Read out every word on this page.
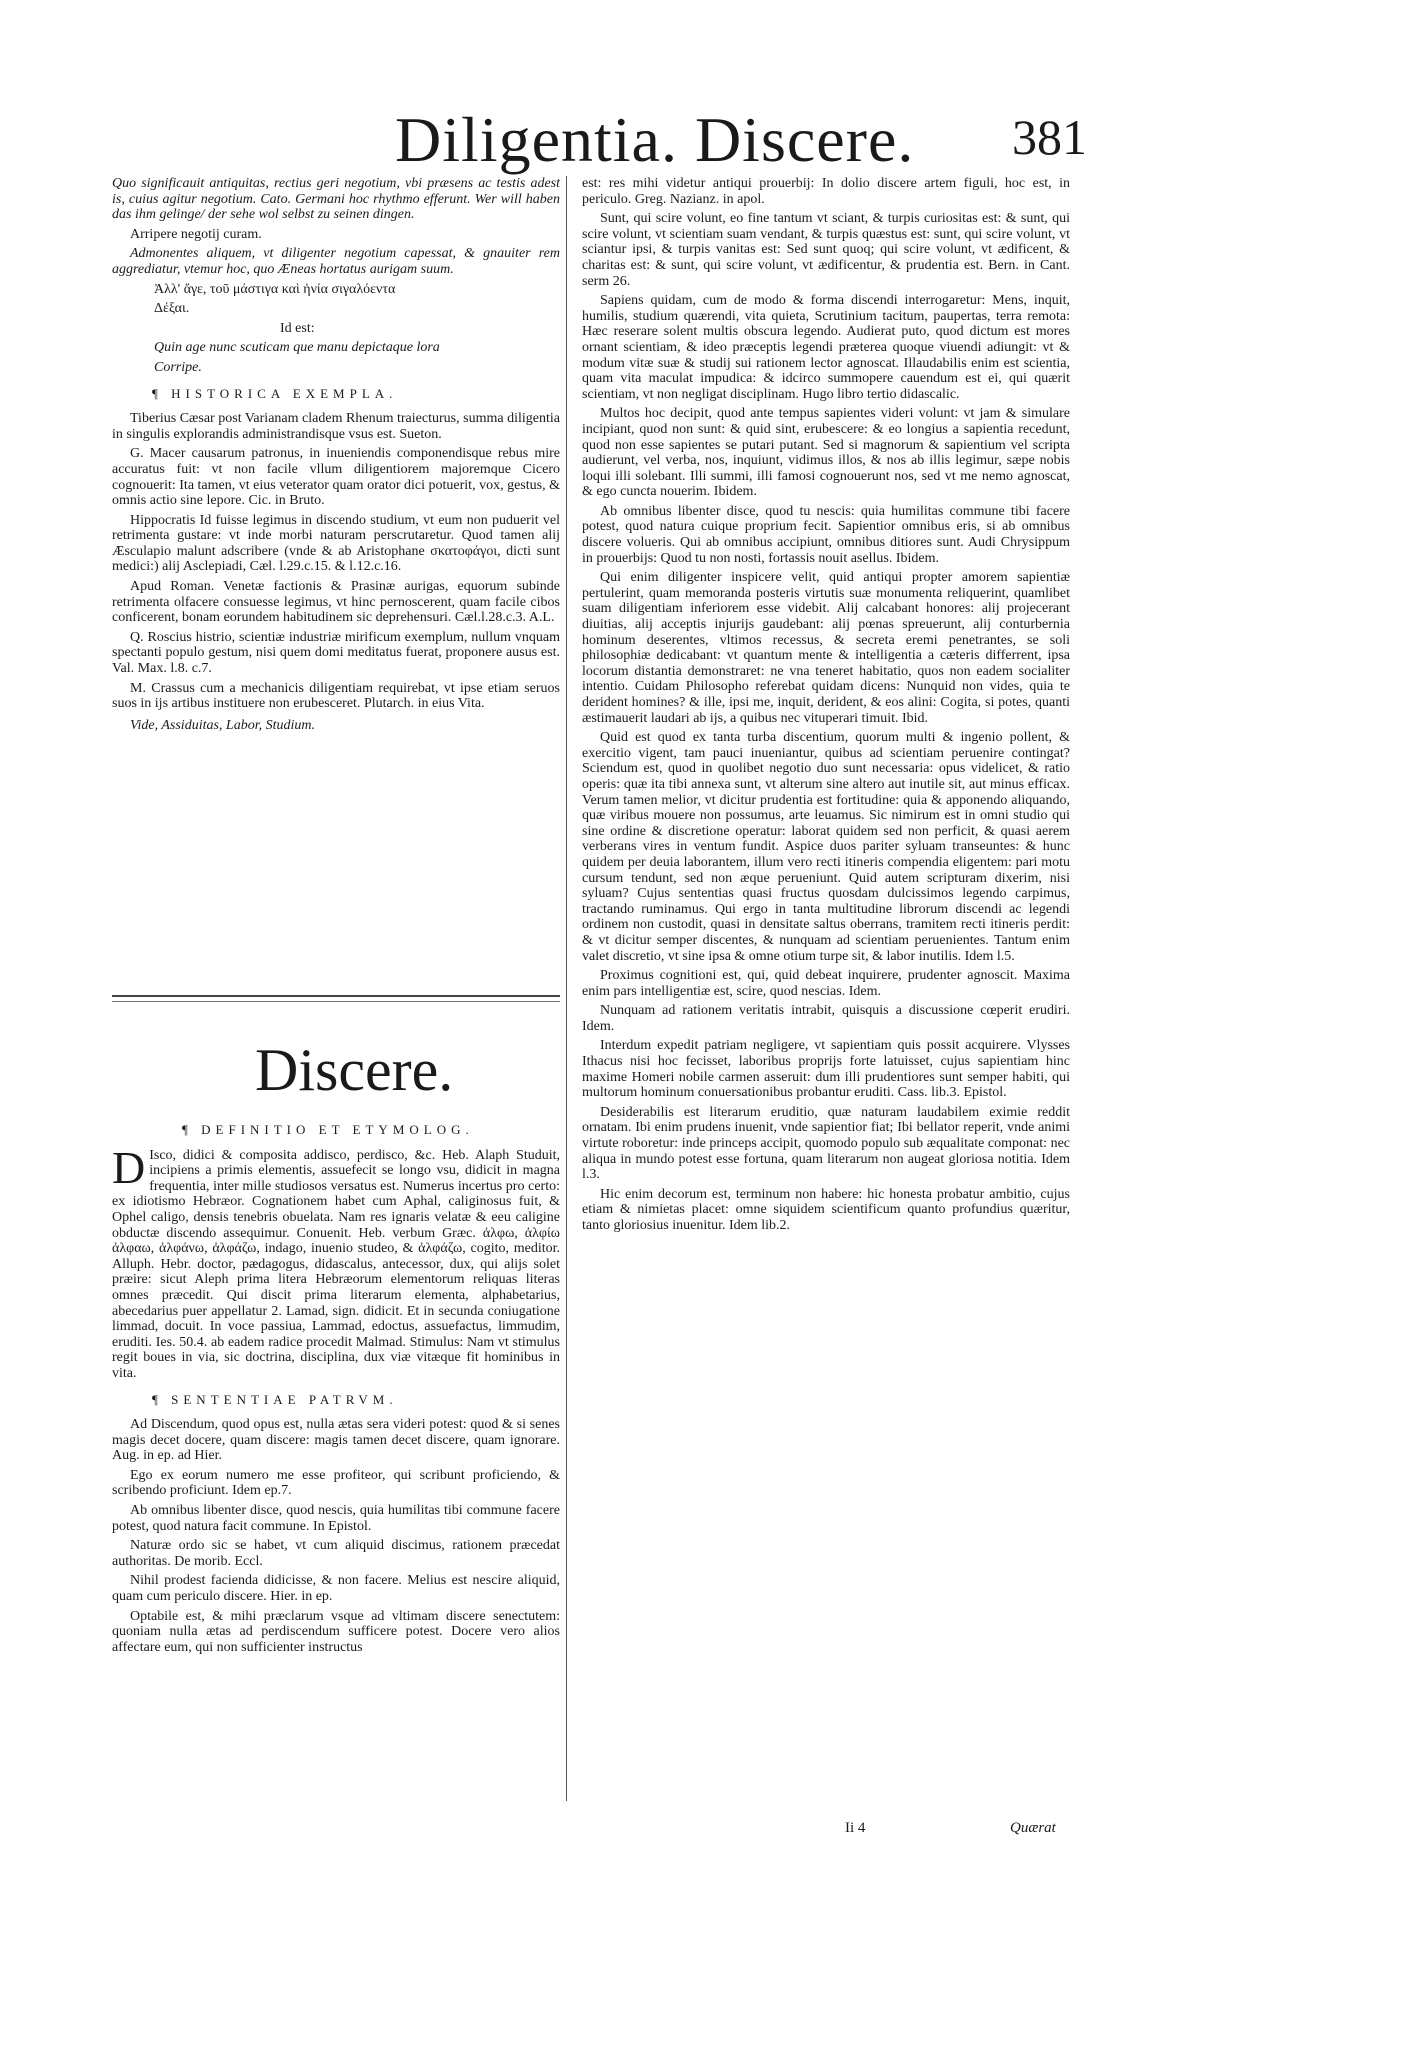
Diligentia. Discere. 381

Quo significauit antiquitas, rectius geri negotium, vbi præsens ac testis adest is, cuius agitur negotium. Cato. Germani hoc rhythmo efferunt. Wer will haben das ihm gelinge/ der sehe wol selbst zu seinen dingen.

Arripere negotij curam.

Admonentes aliquem, vt diligenter negotium capessat, & gnauiter rem aggrediatur, vtemur hoc, quo Æneas hortatus aurigam suum.

Ἀλλ' ἄγε, τοῦ μάστιγα καὶ ἡνία σιγαλόεντα

Δέξαι.

Id est:

Quin age nunc scuticam que manu depictaque lora

Corripe.

¶ HISTORICA EXEMPLA.

Tiberius Cæsar post Varianam cladem Rhenum traiecturus, summa diligentia in singulis explorandis administrandisque vsus est. Sueton.

G. Macer causarum patronus, in inueniendis componendisque rebus mire accuratus fuit: vt non facile vllum diligentiorem majoremque Cicero cognouerit: Ita tamen, vt eius veterator quam orator dici potuerit, vox, gestus, & omnis actio sine lepore. Cic. in Bruto.

Hippocratis Id fuisse legimus in discendo studium, vt eum non puduerit vel retrimenta gustare: vt inde morbi naturam perscrutaretur. Quod tamen alij Æsculapio malunt adscribere (vnde & ab Aristophane σκατοφάγοι, dicti sunt medici:) alij Asclepiadi, Cæl. l.29.c.15. & l.12.c.16.

Apud Roman. Venetæ factionis & Prasinæ aurigas, equorum subinde retrimenta olfacere consuesse legimus, vt hinc pernoscerent, quam facile cibos conficerent, bonam eorundem habitudinem sic deprehensuri. Cæl.l.28.c.3. A.L.

Q. Roscius histrio, scientiæ industriæ mirificum exemplum, nullum vnquam spectanti populo gestum, nisi quem domi meditatus fuerat, proponere ausus est. Val. Max. l.8. c.7.

M. Crassus cum a mechanicis diligentiam requirebat, vt ipse etiam seruos suos in ijs artibus instituere non erubesceret. Plutarch. in eius Vita.

Vide, Assiduitas, Labor, Studium.

Discere.
¶ DEFINITIO ET ETYMOLOG.

D Isco, didici & composita addisco, perdisco, &c. Heb. Alaph Studuit, incipiens a primis elementis, assuefecit se longo vsu, didicit in magna frequentia, inter mille studiosos versatus est. Numerus incertus pro certo: ex idiotismo Hebræor. Cognationem habet cum Aphal, caliginosus fuit, & Ophel caligo, densis tenebris obuelata. Nam res ignaris velatæ & eeu caligine obductæ discendo assequimur. Conuenit. Heb. verbum Græc. ἀλφω, ἀλφίω ἀλφαω, ἀλφάνω, ἀλφάζω, indago, inuenio studeo, & ἀλφάζω, cogito, meditor. Alluph. Hebr. doctor, pædagogus, didascalus, antecessor, dux, qui alijs solet præire: sicut Aleph prima litera Hebræorum elementorum reliquas literas omnes præcedit. Qui discit prima literarum elementa, alphabetarius, abecedarius puer appellatur 2. Lamad, sign. didicit. Et in secunda coniugatione limmad, docuit. In voce passiua, Lammad, edoctus, assuefactus, limmudim, eruditi. Ies. 50.4. ab eadem radice procedit Malmad. Stimulus: Nam vt stimulus regit boues in via, sic doctrina, disciplina, dux viæ vitæque fit hominibus in vita.

¶ SENTENTIAE PATRVM.

Ad Discendum, quod opus est, nulla ætas sera videri potest: quod & si senes magis decet docere, quam discere: magis tamen decet discere, quam ignorare. Aug. in ep. ad Hier.

Ego ex eorum numero me esse profiteor, qui scribunt proficiendo, & scribendo proficiunt. Idem ep.7.

Ab omnibus libenter disce, quod nescis, quia humilitas tibi commune facere potest, quod natura facit commune. In Epistol.

Naturæ ordo sic se habet, vt cum aliquid discimus, rationem præcedat authoritas. De morib. Eccl.

Nihil prodest facienda didicisse, & non facere. Melius est nescire aliquid, quam cum periculo discere. Hier. in ep.

Optabile est, & mihi præclarum vsque ad vltimam discere senectutem: quoniam nulla ætas ad perdiscendum sufficere potest. Docere vero alios affectare eum, qui non sufficienter instructus

est: res mihi videtur antiqui prouerbij: In dolio discere artem figuli, hoc est, in periculo. Greg. Nazianz. in apol.

Sunt, qui scire volunt, eo fine tantum vt sciant, & turpis curiositas est: & sunt, qui scire volunt, vt scientiam suam vendant, & turpis quæstus est: sunt, qui scire volunt, vt sciantur ipsi, & turpis vanitas est: Sed sunt quoq; qui scire volunt, vt ædificent, & charitas est: & sunt, qui scire volunt, vt ædificentur, & prudentia est. Bern. in Cant. serm 26.

Sapiens quidam, cum de modo & forma discendi interrogaretur: Mens, inquit, humilis, studium quærendi, vita quieta, Scrutinium tacitum, paupertas, terra remota: Hæc reserare solent multis obscura legendo. Audierat puto, quod dictum est mores ornant scientiam, & ideo præceptis legendi præterea quoque viuendi adiungit: vt & modum vitæ suæ & studij sui rationem lector agnoscat. Illaudabilis enim est scientia, quam vita maculat impudica: & idcirco summopere cauendum est ei, qui quærit scientiam, vt non negligat disciplinam. Hugo libro tertio didascalic.

Multos hoc decipit, quod ante tempus sapientes videri volunt: vt jam & simulare incipiant, quod non sunt: & quid sint, erubescere: & eo longius a sapientia recedunt, quod non esse sapientes se putari putant. Sed si magnorum & sapientium vel scripta audierunt, vel verba, nos, inquiunt, vidimus illos, & nos ab illis legimur, sæpe nobis loqui illi solebant. Illi summi, illi famosi cognouerunt nos, sed vt me nemo agnoscat, & ego cuncta nouerim. Ibidem.

Ab omnibus libenter disce, quod tu nescis: quia humilitas commune tibi facere potest, quod natura cuique proprium fecit. Sapientior omnibus eris, si ab omnibus discere volueris. Qui ab omnibus accipiunt, omnibus ditiores sunt. Audi Chrysippum in prouerbijs: Quod tu non nosti, fortassis nouit asellus. Ibidem.

Qui enim diligenter inspicere velit, quid antiqui propter amorem sapientiæ pertulerint, quam memoranda posteris virtutis suæ monumenta reliquerint, quamlibet suam diligentiam inferiorem esse videbit. Alij calcabant honores: alij projecerant diuitias, alij acceptis injurijs gaudebant: alij pœnas spreuerunt, alij conturbernia hominum deserentes, vltimos recessus, & secreta eremi penetrantes, se soli philosophiæ dedicabant: vt quantum mente & intelligentia a cæteris differrent, ipsa locorum distantia demonstraret: ne vna teneret habitatio, quos non eadem socialiter intentio. Cuidam Philosopho referebat quidam dicens: Nunquid non vides, quia te derident homines? & ille, ipsi me, inquit, derident, & eos alini: Cogita, si potes, quanti æstimauerit laudari ab ijs, a quibus nec vituperari timuit. Ibid.

Quid est quod ex tanta turba discentium, quorum multi & ingenio pollent, & exercitio vigent, tam pauci inueniantur, quibus ad scientiam peruenire contingat? Sciendum est, quod in quolibet negotio duo sunt necessaria: opus videlicet, & ratio operis: quæ ita tibi annexa sunt, vt alterum sine altero aut inutile sit, aut minus efficax. Verum tamen melior, vt dicitur prudentia est fortitudine: quia & apponendo aliquando, quæ viribus mouere non possumus, arte leuamus. Sic nimirum est in omni studio qui sine ordine & discretione operatur: laborat quidem sed non perficit, & quasi aerem verberans vires in ventum fundit. Aspice duos pariter syluam transeuntes: & hunc quidem per deuia laborantem, illum vero recti itineris compendia eligentem: pari motu cursum tendunt, sed non æque perueniunt. Quid autem scripturam dixerim, nisi syluam? Cujus sententias quasi fructus quosdam dulcissimos legendo carpimus, tractando ruminamus. Qui ergo in tanta multitudine librorum discendi ac legendi ordinem non custodit, quasi in densitate saltus oberrans, tramitem recti itineris perdit: & vt dicitur semper discentes, & nunquam ad scientiam peruenientes. Tantum enim valet discretio, vt sine ipsa & omne otium turpe sit, & labor inutilis. Idem l.5.

Proximus cognitioni est, qui, quid debeat inquirere, prudenter agnoscit. Maxima enim pars intelligentiæ est, scire, quod nescias. Idem.

Nunquam ad rationem veritatis intrabit, quisquis a discussione cœperit erudiri. Idem.

Interdum expedit patriam negligere, vt sapientiam quis possit acquirere. Vlysses Ithacus nisi hoc fecisset, laboribus proprijs forte latuisset, cujus sapientiam hinc maxime Homeri nobile carmen asseruit: dum illi prudentiores sunt semper habiti, qui multorum hominum conuersationibus probantur eruditi. Cass. lib.3. Epistol.

Desiderabilis est literarum eruditio, quæ naturam laudabilem eximie reddit ornatam. Ibi enim prudens inuenit, vnde sapientior fiat; Ibi bellator reperit, vnde animi virtute roboretur: inde princeps accipit, quomodo populo sub æqualitate componat: nec aliqua in mundo potest esse fortuna, quam literarum non augeat gloriosa notitia. Idem l.3.

Hic enim decorum est, terminum non habere: hic honesta probatur ambitio, cujus etiam & nimietas placet: omne siquidem scientificum quanto profundius quæritur, tanto gloriosius inuenitur. Idem lib.2.

Ii 4	Quærat
